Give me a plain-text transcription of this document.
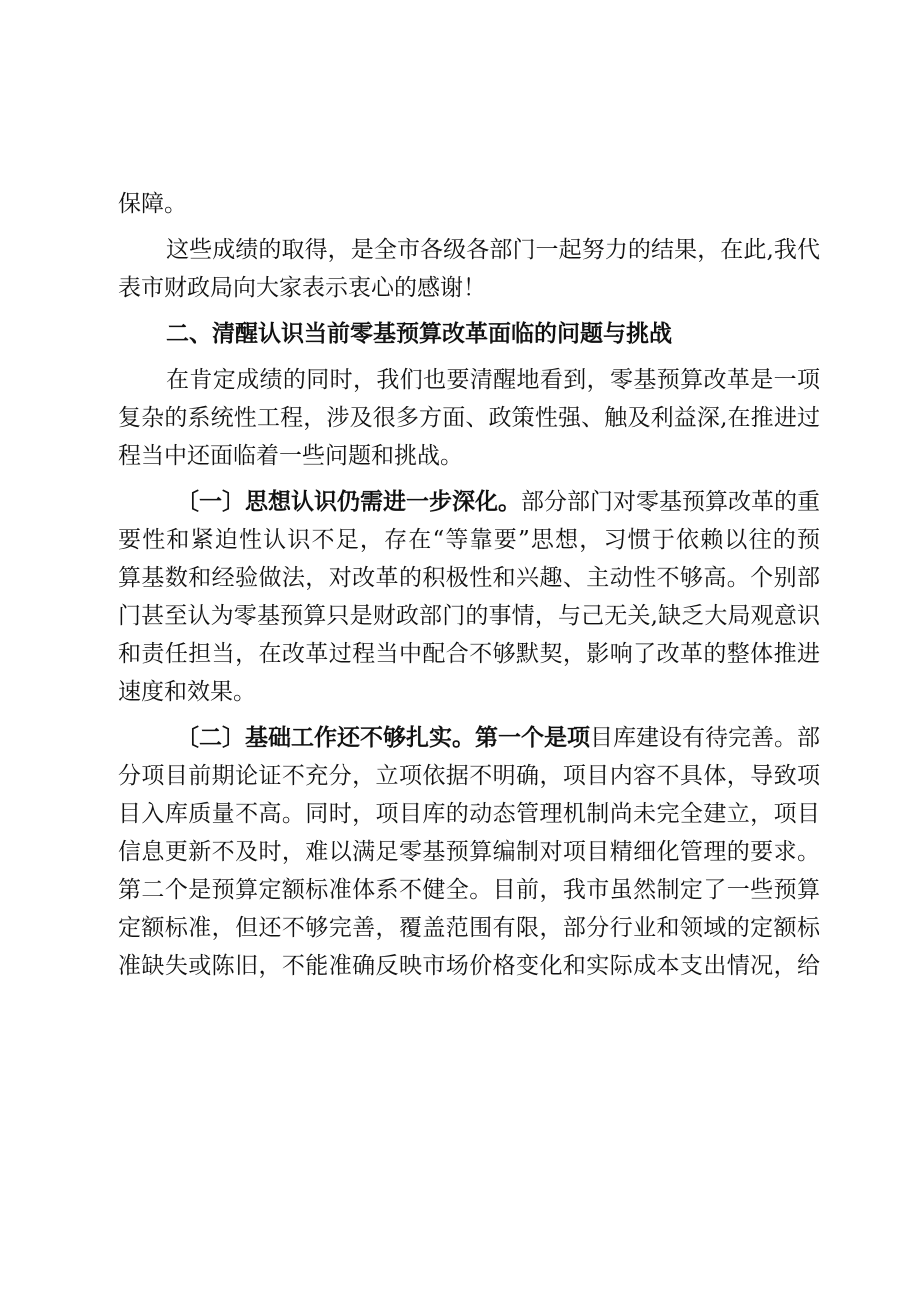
保障。
这些成绩的取得，是全市各级各部门一起努力的结果，在此,我代
表市财政局向大家表示衷心的感谢！
二、清醒认识当前零基预算改革面临的问题与挑战
在肯定成绩的同时，我们也要清醒地看到，零基预算改革是一项
复杂的系统性工程，涉及很多方面、政策性强、触及利益深,在推进过
程当中还面临着一些问题和挑战。
〔一〕思想认识仍需进一步深化。部分部门对零基预算改革的重
要性和紧迫性认识不足，存在“等靠要”思想，习惯于依赖以往的预
算基数和经验做法，对改革的积极性和兴趣、主动性不够高。个别部
门甚至认为零基预算只是财政部门的事情，与己无关,缺乏大局观意识
和责任担当，在改革过程当中配合不够默契，影响了改革的整体推进
速度和效果。
〔二〕基础工作还不够扎实。第一个是项目库建设有待完善。部
分项目前期论证不充分，立项依据不明确，项目内容不具体，导致项
目入库质量不高。同时，项目库的动态管理机制尚未完全建立，项目
信息更新不及时，难以满足零基预算编制对项目精细化管理的要求。
第二个是预算定额标准体系不健全。目前，我市虽然制定了一些预算
定额标准，但还不够完善，覆盖范围有限，部分行业和领域的定额标
准缺失或陈旧，不能准确反映市场价格变化和实际成本支出情况，给
